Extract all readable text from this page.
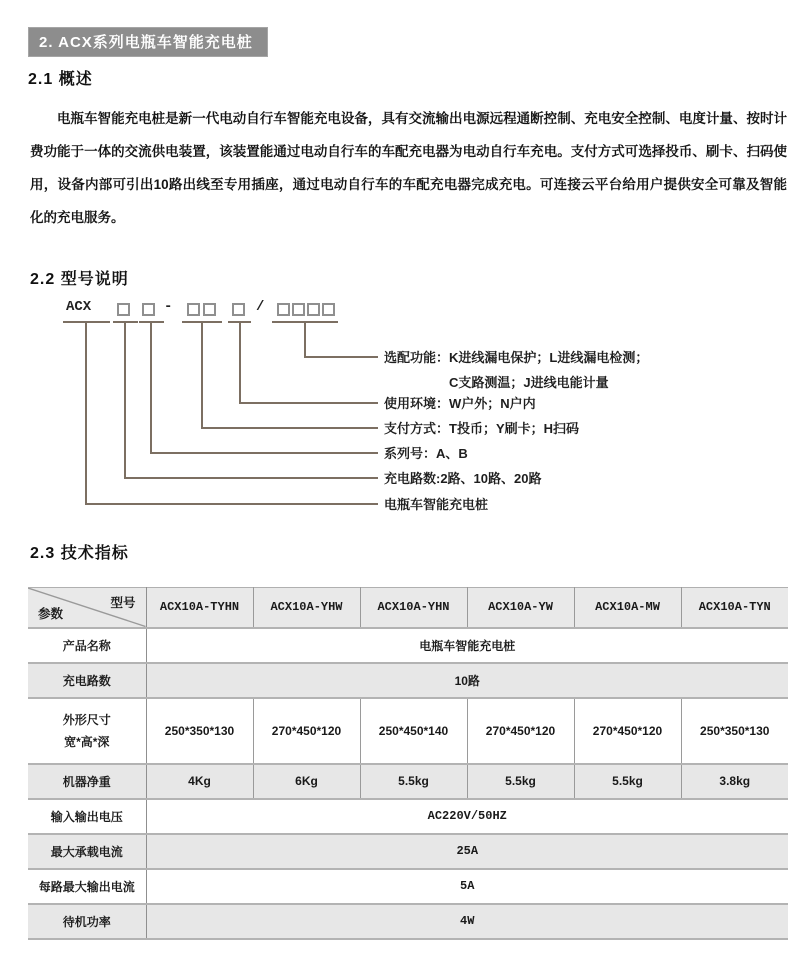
2. ACX系列电瓶车智能充电桩
2.1 概述

电瓶车智能充电桩是新一代电动自行车智能充电设备，具有交流输出电源远程通断控制、充电安全控制、电度计量、按时计费功能于一体的交流供电装置，该装置能通过电动自行车的车配充电器为电动自行车充电。支付方式可选择投币、刷卡、扫码使用，设备内部可引出10路出线至专用插座，通过电动自行车的车配充电器完成充电。可连接云平台给用户提供安全可靠及智能化的充电服务。

2.2 型号说明
ACX	-	/
选配功能：K进线漏电保护；L进线漏电检测；
C支路测温；J进线电能计量
使用环境：W户外；N户内
支付方式：T投币；Y刷卡；H扫码
系列号：A、B
充电路数:2路、10路、20路
电瓶车智能充电桩
2.3 技术指标
型号
参数	ACX10A-TYHN	ACX10A-YHW	ACX10A-YHN	ACX10A-YW	ACX10A-MW	ACX10A-TYN
产品名称	电瓶车智能充电桩					
充电路数	10路					

外形尺寸
宽*高*深	250*350*130	270*450*120	250*450*140	270*450*120	270*450*120	250*350*130
机器净重	4Kg	6Kg	5.5kg	5.5kg	5.5kg	3.8kg
输入输出电压	AC220V/50HZ					
最大承载电流	25A					
每路最大输出电流	5A					
待机功率	4W					
